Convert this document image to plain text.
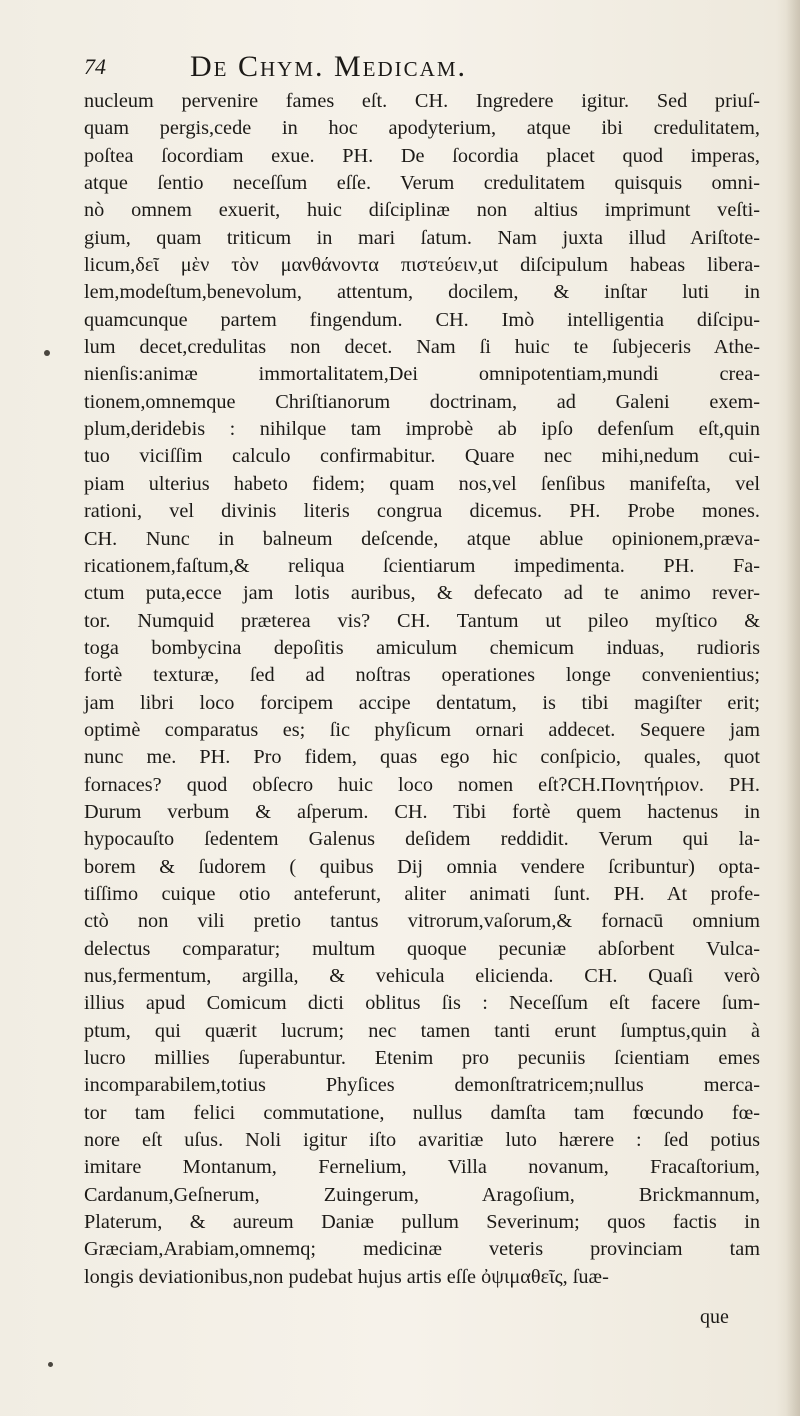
74	De Chym. Medicam.
nucleum pervenire fames eſt. CH. Ingredere igitur. Sed priuſ-
quam pergis,cede in hoc apodyterium, atque ibi credulitatem,
poſtea ſocordiam exue. PH. De ſocordia placet quod imperas,
atque ſentio neceſſum eſſe. Verum credulitatem quisquis omni-
nò omnem exuerit, huic diſciplinæ non altius imprimunt veſti-
gium, quam triticum in mari ſatum. Nam juxta illud Ariſtote-
licum,δεῖ μὲν τὸν μανθάνοντα πιστεύειν,ut diſcipulum habeas libera-
lem,modeſtum,benevolum, attentum, docilem, & inſtar luti in
quamcunque partem fingendum. CH. Imò intelligentia diſcipu-
lum decet,credulitas non decet. Nam ſi huic te ſubjeceris Athe-
nienſis:animæ immortalitatem,Dei omnipotentiam,mundi crea-
tionem,omnemque Chriſtianorum doctrinam, ad Galeni exem-
plum,deridebis : nihilque tam improbè ab ipſo defenſum eſt,quin
tuo viciſſim calculo confirmabitur. Quare nec mihi,nedum cui-
piam ulterius habeto fidem; quam nos,vel ſenſibus manifeſta, vel
rationi, vel divinis literis congrua dicemus. PH. Probe mones.
CH. Nunc in balneum deſcende, atque ablue opinionem,præva-
ricationem,faſtum,& reliqua ſcientiarum impedimenta. PH. Fa-
ctum puta,ecce jam lotis auribus, & defecato ad te animo rever-
tor. Numquid præterea vis? CH. Tantum ut pileo myſtico &
toga bombycina depoſitis amiculum chemicum induas, rudioris
fortè texturæ, ſed ad noſtras operationes longe convenientius;
jam libri loco forcipem accipe dentatum, is tibi magiſter erit;
optimè comparatus es; ſic phyſicum ornari addecet. Sequere jam
nunc me. PH. Pro fidem, quas ego hic conſpicio, quales, quot
fornaces? quod obſecro huic loco nomen eſt?CH.Πονητήριον. PH.
Durum verbum & aſperum. CH. Tibi fortè quem hactenus in
hypocauſto ſedentem Galenus deſidem reddidit. Verum qui la-
borem & ſudorem ( quibus Dij omnia vendere ſcribuntur) opta-
tiſſimo cuique otio anteferunt, aliter animati ſunt. PH. At profe-
ctò non vili pretio tantus vitrorum,vaſorum,& fornacū omnium
delectus comparatur; multum quoque pecuniæ abſorbent Vulca-
nus,fermentum, argilla, & vehicula elicienda. CH. Quaſi verò
illius apud Comicum dicti oblitus ſis : Neceſſum eſt facere ſum-
ptum, qui quærit lucrum; nec tamen tanti erunt ſumptus,quin à
lucro millies ſuperabuntur. Etenim pro pecuniis ſcientiam emes
incomparabilem,totius Phyſices demonſtratricem;nullus merca-
tor tam felici commutatione, nullus damſta tam fœcundo fœ-
nore eſt uſus. Noli igitur iſto avaritiæ luto hærere : ſed potius
imitare Montanum, Fernelium, Villa novanum, Fracaſtorium,
Cardanum,Geſnerum, Zuingerum, Aragoſium, Brickmannum,
Platerum, & aureum Daniæ pullum Severinum; quos factis in
Græciam,Arabiam,omnemq; medicinæ veteris provinciam tam
longis deviationibus,non pudebat hujus artis eſſe ὀψιμαθεῖς, ſuæ-
que
